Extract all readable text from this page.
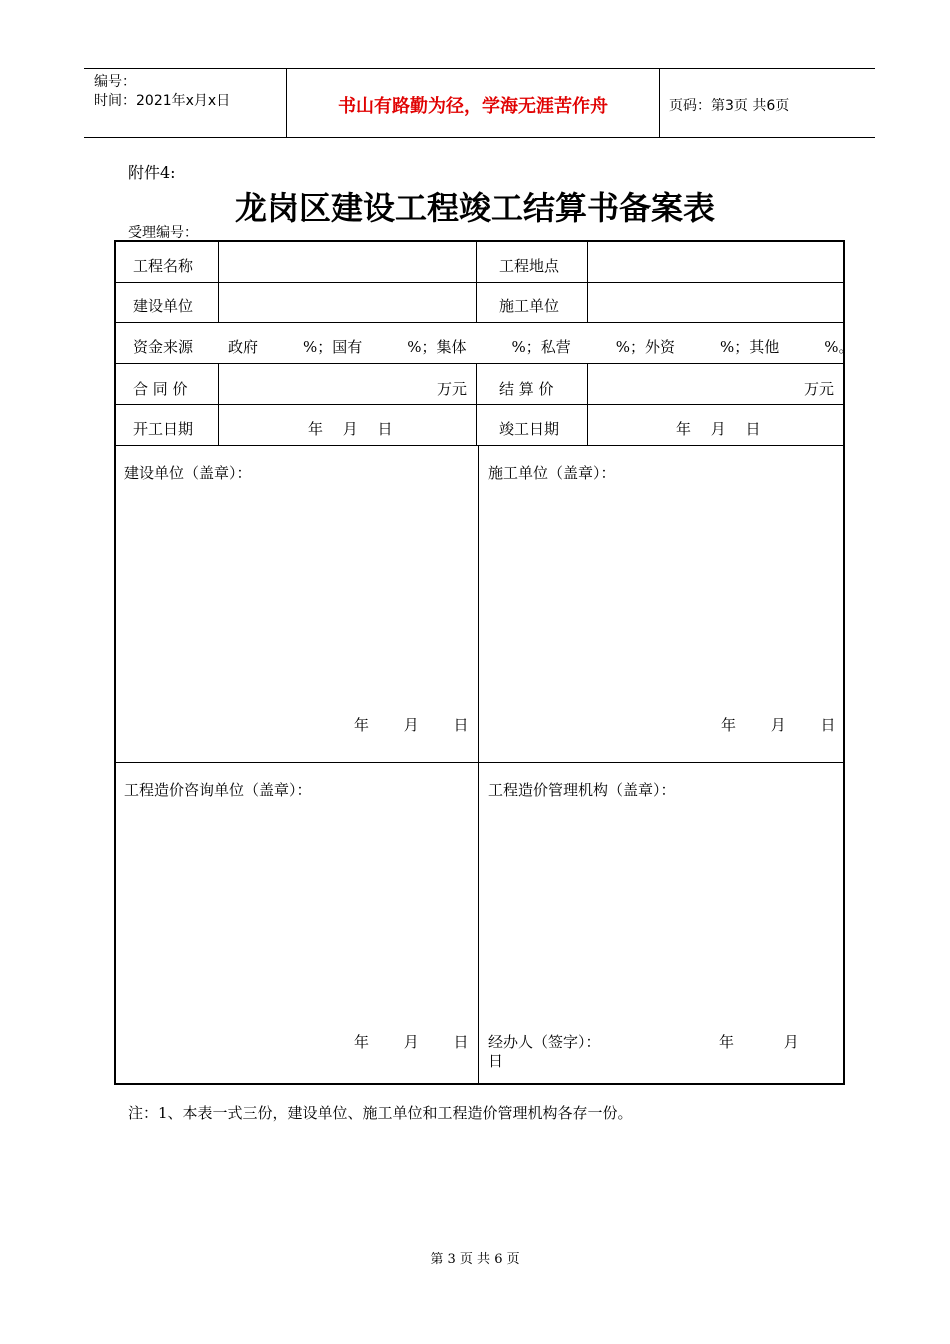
编号：
时间：2021年x月x日	书山有路勤为径，学海无涯苦作舟	页码：第3页 共6页
附件4:
龙岗区建设工程竣工结算书备案表
受理编号：
工程名称	工程地点
建设单位	施工单位
资金来源 政府　　　%；国有　　　%；集体　　　%；私营　　　%；外资　　　%；其他　　　%。
合 同 价	万元 结 算 价	万元
开工日期	年　 月　 日	竣工日期	年　 月　 日
建设单位（盖章）：
年　　 月　　 日
施工单位（盖章）：
年　　 月　　 日
工程造价咨询单位（盖章）：
年　　 月　　 日
工程造价管理机构（盖章）：
经办人（签字）：	年　　　 月
日
注：1、本表一式三份，建设单位、施工单位和工程造价管理机构各存一份。
第 3 页 共 6 页
